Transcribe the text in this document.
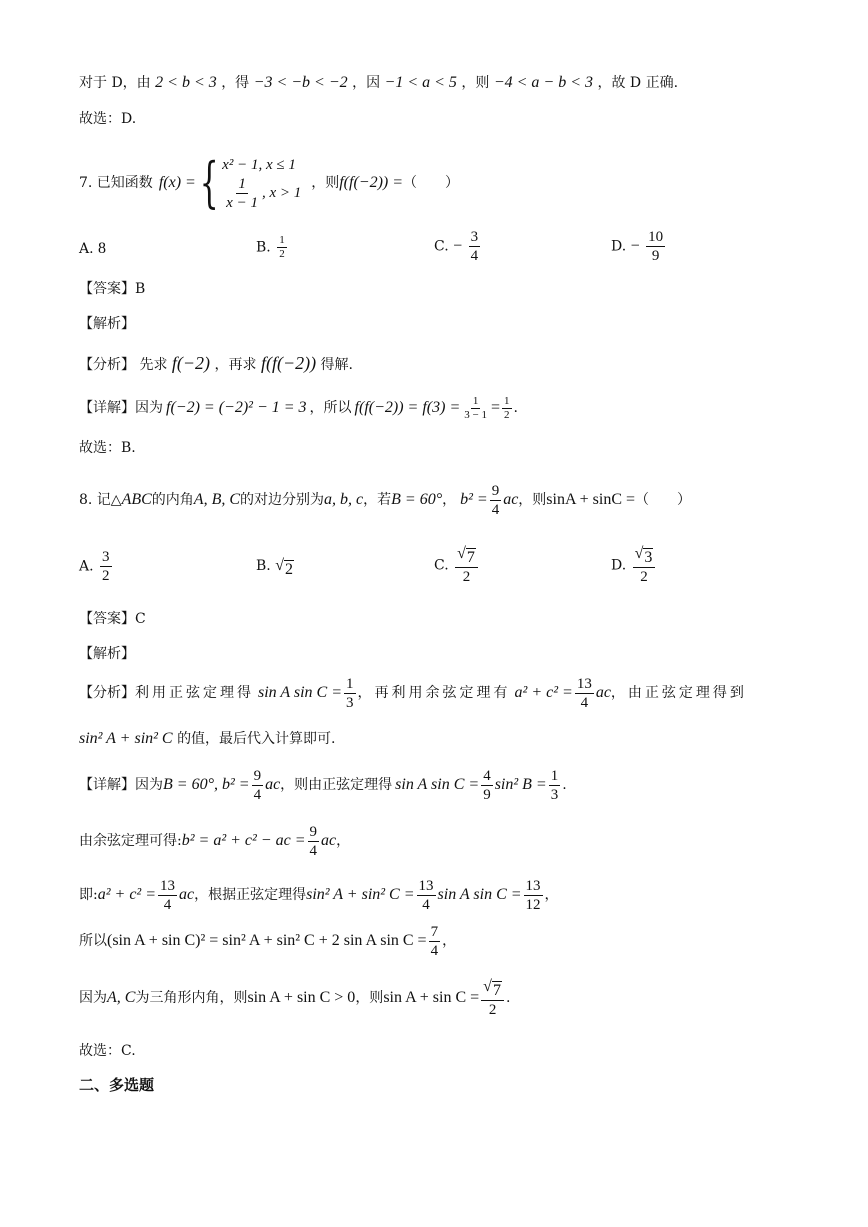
对于 D，由 2 < b < 3 ，得 −3 < −b < −2 ，因 −1 < a < 5 ，则 −4 < a − b < 3 ，故 D 正确.
故选：D.
7. 已知函数 f(x) = { x² − 1, x ≤ 1
$\frac{1}{x - 1}$ , x > 1
，则 f(f(−2)) = （　　）
A. 8	B. $\frac{1}{2}$	C. − $\frac{3}{4}$	D. − $\frac{10}{9}$
【答案】B
【解析】
【分析】 先求 f(−2) ，再求 f(f(−2)) 得解.
【详解】 因为 f(−2) = (−2)² − 1 = 3 ，所以 $f(f(-2)) = f(3) = \frac{1}{3 - 1} = \frac{1}{2}$ .
故选：B.
8. 记△ ABC 的内角 A, B, C 的对边分别为 a, b, c ，若 B = 60° ， $b^2 = \frac{9}{4}$ ac ，则 sinA + sinC = （　　）
A. $\frac{3}{2}$	B. √ 2	C. $\frac{√ 7}{2}$	D. $\frac{√ 3}{2}$
【答案】C
【解析】
【分析】 利用正弦定理得 sin A $\sin C = \frac{1}{3}$ ，再利用余弦定理有 $a^2 + c^2 = \frac{13}{4}$ ac ，由正弦定理得到
sin² A + sin² C 的值，最后代入计算即可.
【详解】 因为 B = 60°, $b^2 = \frac{9}{4}$ ac ，则由正弦定理得 sin A $\sin C = \frac{4}{9} \sin^2$ $B = \frac{1}{3}$ .
由余弦定理可得: b² = a² + c² − ac = $\frac{9}{4}$ ac ，
即: $a^2 + c^2 = \frac{13}{4}$ ac ，根据正弦定理得 sin² A + sin² $C = \frac{13}{4}$ sin A $\sin C = \frac{13}{12}$ ，
所以 (sin A + sin C)² = sin² A + sin² C + 2 sin A $\sin C = \frac{7}{4}$ ，
因为 A, C 为三角形内角，则 sin A + sin C > 0 ，则 $\sin A + \sin C = \frac{√ 7}{2}$ .
故选：C.
二、多选题
